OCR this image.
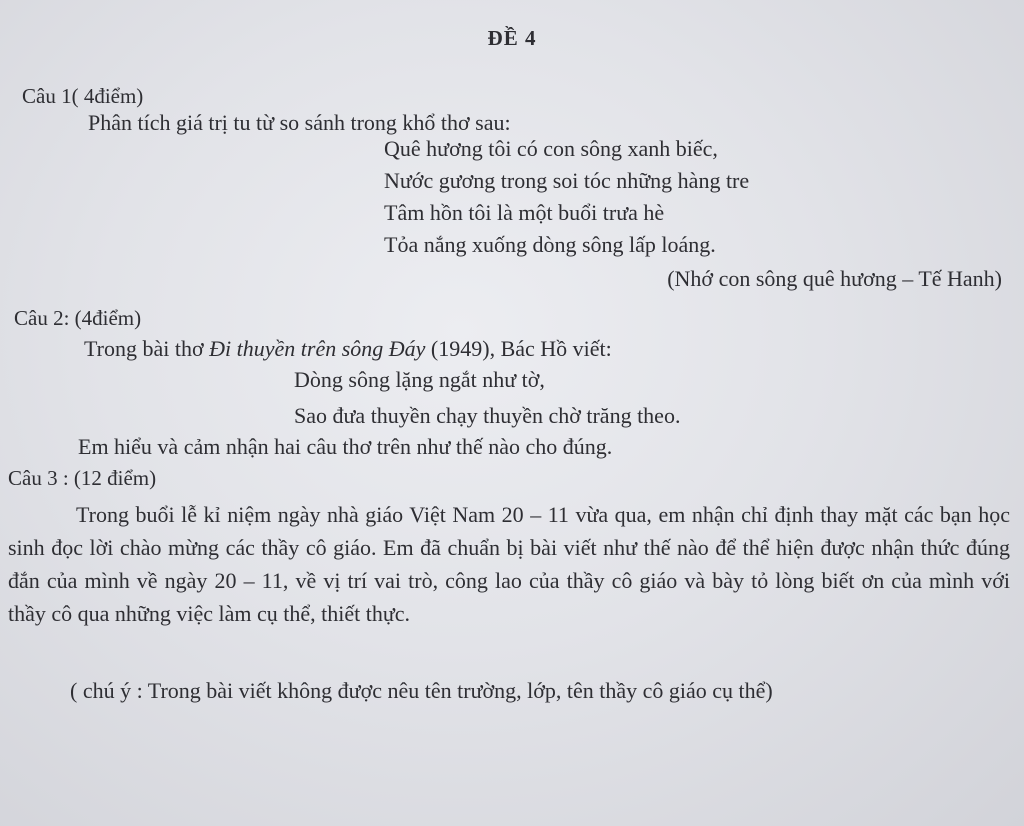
ĐỀ 4
Câu 1( 4điểm)
Phân tích giá trị tu từ so sánh trong khổ thơ sau:
Quê hương tôi có con sông xanh biếc,
Nước gương trong soi tóc những hàng tre
Tâm hồn tôi là một buổi trưa hè
Tỏa nắng xuống dòng sông lấp loáng.
(Nhớ con sông quê hương – Tế Hanh)
Câu 2: (4điểm)
Trong bài thơ Đi thuyền trên sông Đáy (1949), Bác Hồ viết:
Dòng sông lặng ngắt như tờ,
Sao đưa thuyền chạy thuyền chờ trăng theo.
Em hiểu và cảm nhận hai câu thơ trên như thế nào cho đúng.
Câu 3 : (12 điểm)
Trong buổi lễ kỉ niệm ngày nhà giáo Việt Nam 20 – 11 vừa qua, em nhận chỉ định thay mặt các bạn học sinh đọc lời chào mừng các thầy cô giáo. Em đã chuẩn bị bài viết như thế nào để thể hiện được nhận thức đúng đắn của mình về ngày 20 – 11, về vị trí vai trò, công lao của thầy cô giáo và bày tỏ lòng biết ơn của mình với thầy cô qua những việc làm cụ thể, thiết thực.
( chú ý : Trong bài viết không được nêu tên trường, lớp, tên thầy cô giáo cụ thể)
